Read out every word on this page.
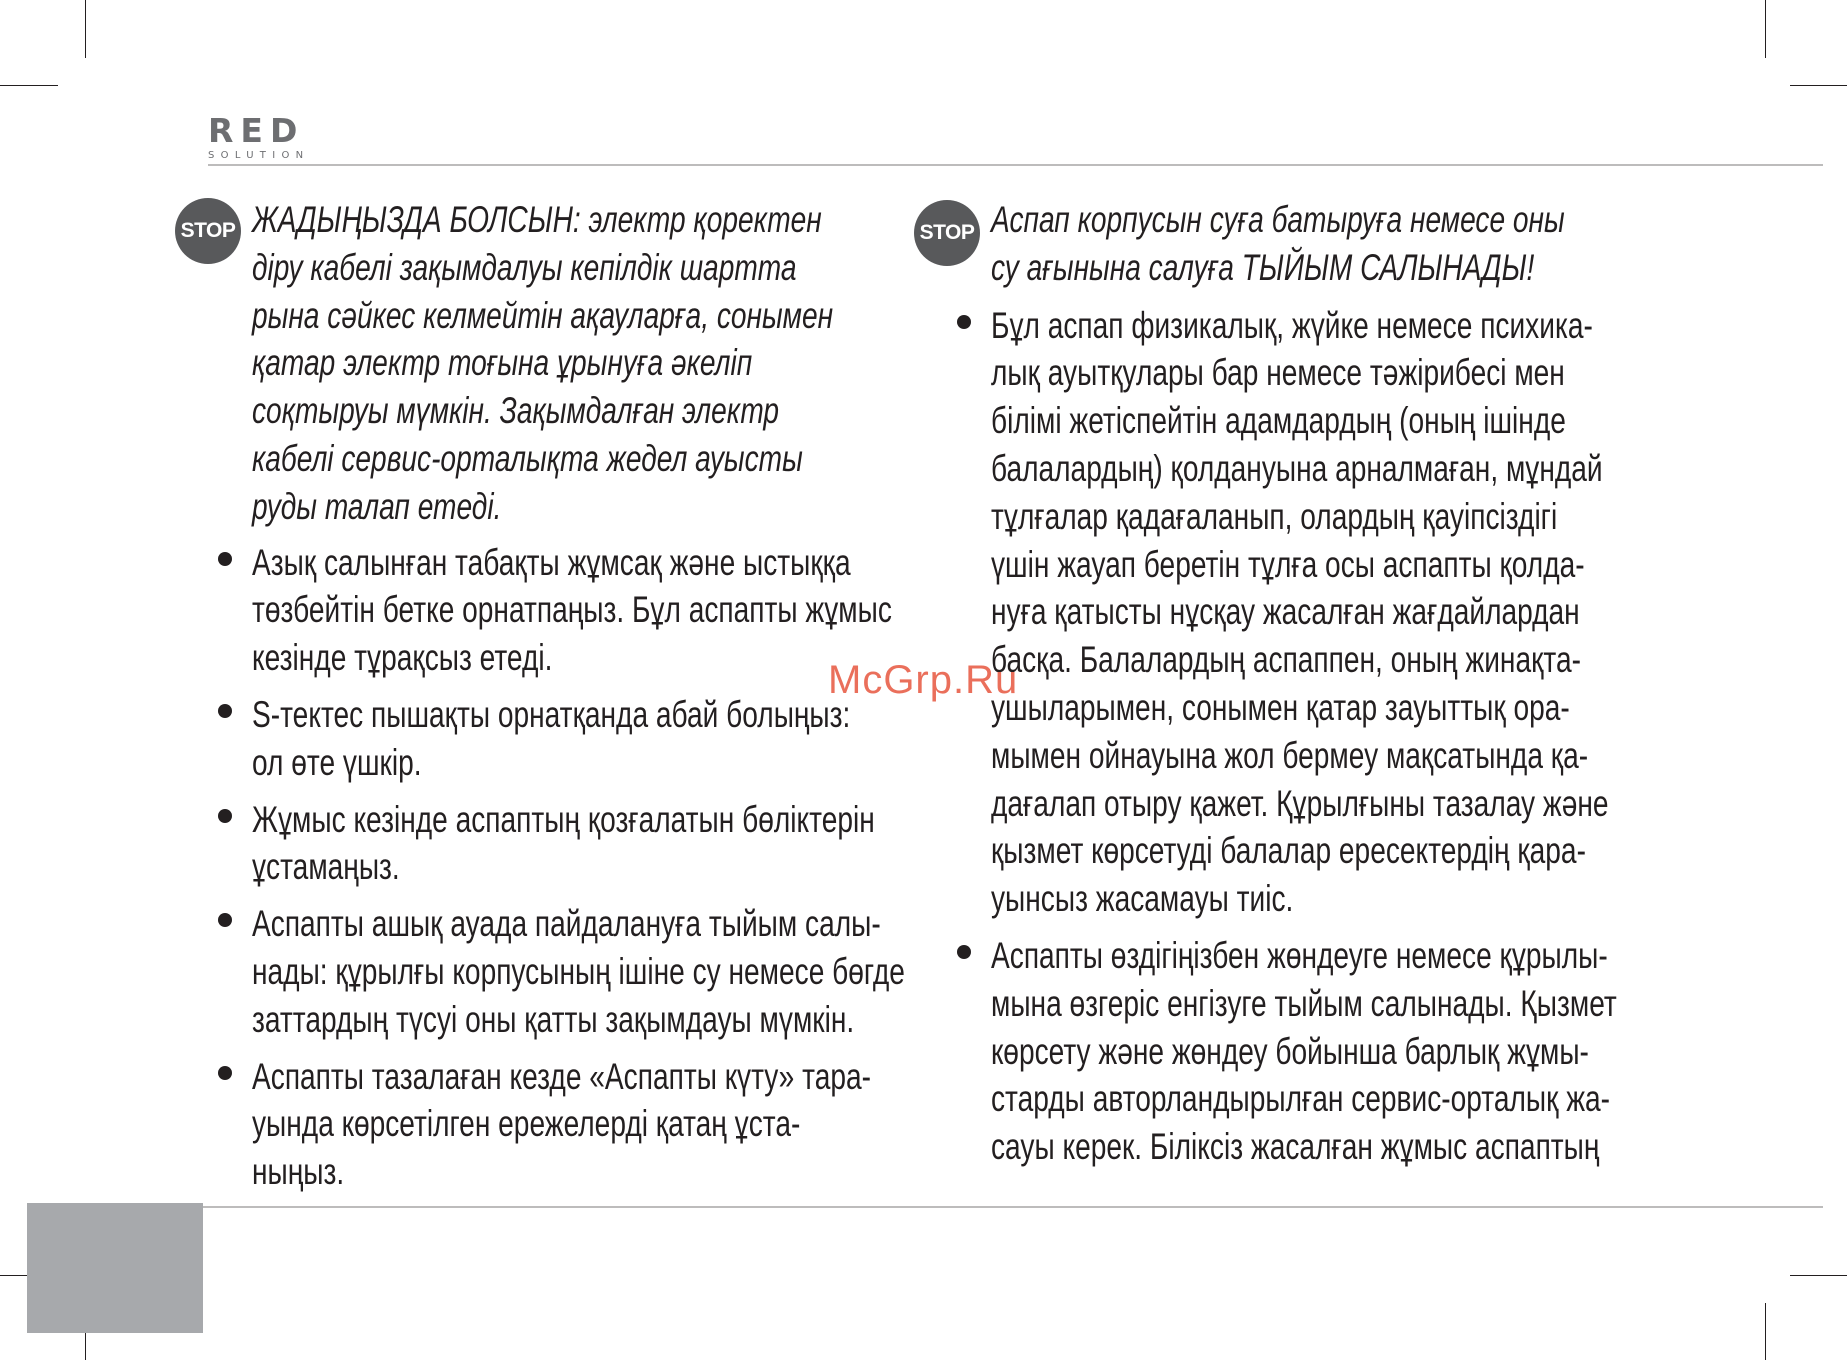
RED
SOLUTION
STOP ЖАДЫҢЫЗДА БОЛСЫН: электр қоректен
діру кабелі зақымдалуы кепілдік шартта
рына сәйкес келмейтін ақауларға, сонымен
қатар электр тоғына ұрынуға әкеліп
соқтыруы мүмкін. Зақымдалған электр
кабелі сервис-орталықта жедел ауысты
руды талап етеді.
Азық салынған табақты жұмсақ және ыстыққа
төзбейтін бетке орнатпаңыз. Бұл аспапты жұмыс
кезінде тұрақсыз етеді.
S-тектес пышақты орнатқанда абай болыңыз:
ол өте үшкір.
Жұмыс кезінде аспаптың қозғалатын бөліктерін
ұстамаңыз.
Аспапты ашық ауада пайдалануға тыйым салы-
нады: құрылғы корпусының ішіне су немесе бөгде
заттардың түсуі оны қатты зақымдауы мүмкін.
Аспапты тазалаған кезде «Аспапты күту» тара-
уында көрсетілген ережелерді қатаң ұста-
ныңыз.
STOP Аспап корпусын суға батыруға немесе оны
су ағынына салуға ТЫЙЫМ САЛЫНАДЫ!
Бұл аспап физикалық, жүйке немесе психика-
лық ауытқулары бар немесе тәжірибесі мен
білімі жетіспейтін адамдардың (оның ішінде
балалардың) қолдануына арналмаған, мұндай
тұлғалар қадағаланып, олардың қауіпсіздігі
үшін жауап беретін тұлға осы аспапты қолда-
нуға қатысты нұсқау жасалған жағдайлардан
басқа. Балалардың аспаппен, оның жинақта-
ушыларымен, сонымен қатар зауыттық ора-
мымен ойнауына жол бермеу мақсатында қа-
дағалап отыру қажет. Құрылғыны тазалау және
қызмет көрсетуді балалар ересектердің қара-
уынсыз жасамауы тиіс.
Аспапты өздігіңізбен жөндеуге немесе құрылы-
мына өзгеріс енгізуге тыйым салынады. Қызмет
көрсету және жөндеу бойынша барлық жұмы-
старды авторландырылған сервис-орталық жа-
сауы керек. Біліксіз жасалған жұмыс аспаптың
McGrp.Ru
